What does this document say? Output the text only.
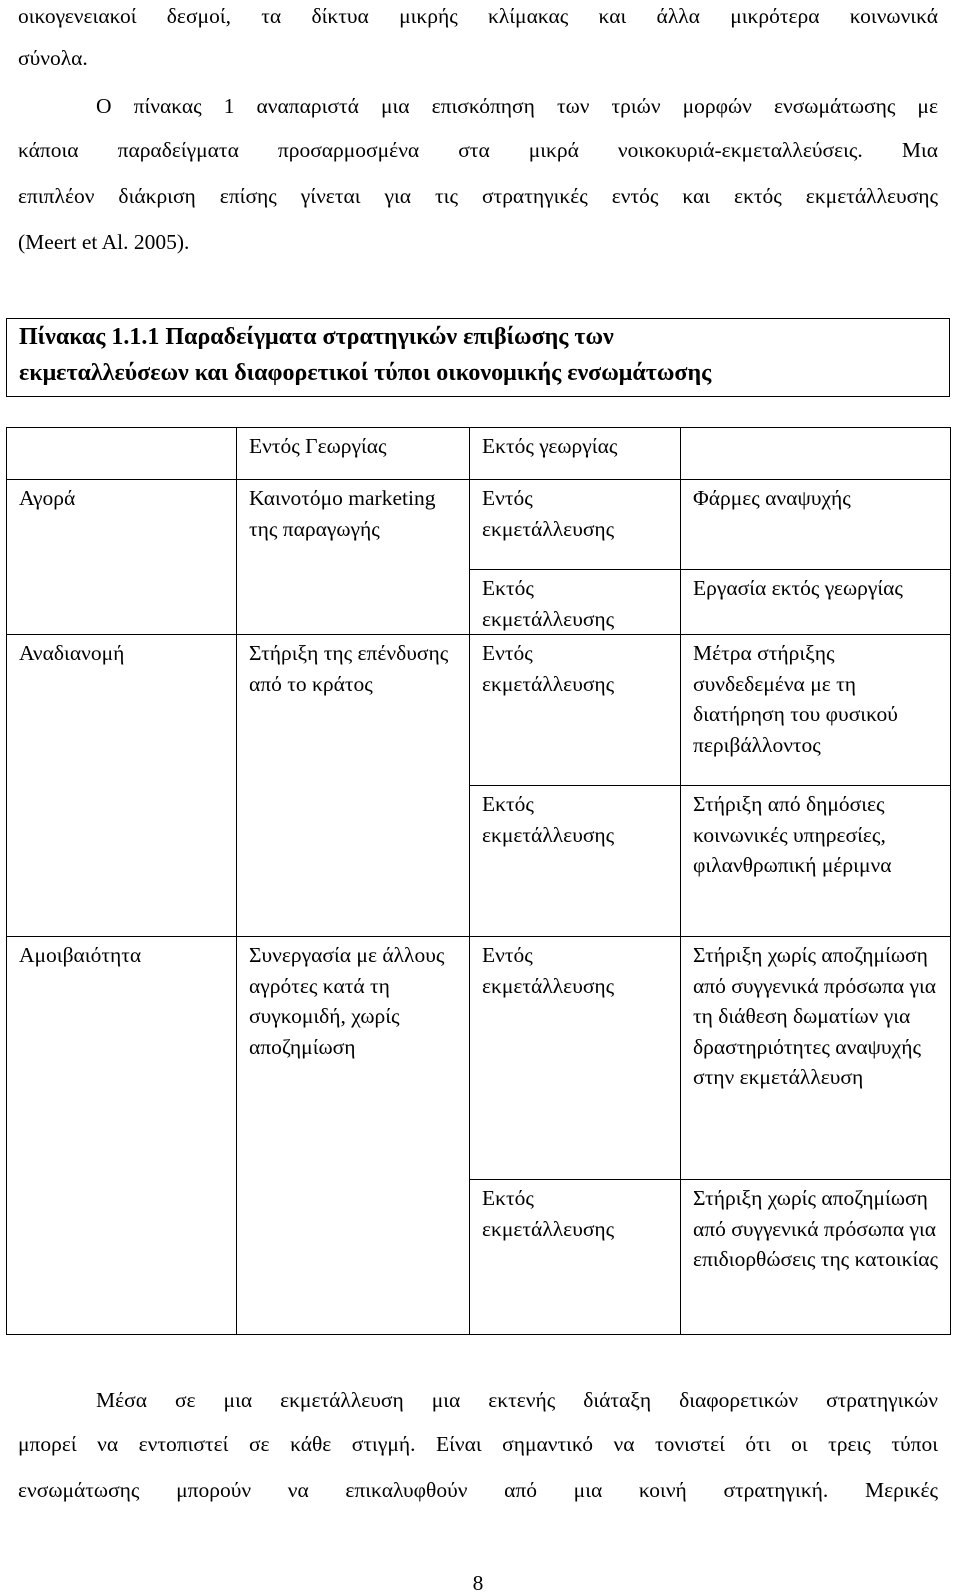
οικογενειακοί δεσμοί, τα δίκτυα μικρής κλίμακας και άλλα μικρότερα κοινωνικά
σύνολα.
Ο πίνακας 1 αναπαριστά μια επισκόπηση των τριών μορφών ενσωμάτωσης με
κάποια παραδείγματα προσαρμοσμένα στα μικρά νοικοκυριά-εκμεταλλεύσεις. Μια
επιπλέον διάκριση επίσης γίνεται για τις στρατηγικές εντός και εκτός εκμετάλλευσης
(Meert et Al. 2005).
Πίνακας 1.1.1 Παραδείγματα στρατηγικών επιβίωσης των
εκμεταλλεύσεων και διαφορετικοί τύποι οικονομικής ενσωμάτωσης
	Εντός Γεωργίας	Εκτός γεωργίας	
Αγορά	Καινοτόμο marketing της παραγωγής	Εντός εκμετάλλευσης	Φάρμες αναψυχής
		Εκτός εκμετάλλευσης	Εργασία εκτός γεωργίας
Αναδιανομή	Στήριξη της επένδυσης από το κράτος	Εντός εκμετάλλευσης	Μέτρα στήριξης συνδεδεμένα με τη διατήρηση του φυσικού περιβάλλοντος
		Εκτός εκμετάλλευσης	Στήριξη από δημόσιες κοινωνικές υπηρεσίες, φιλανθρωπική μέριμνα
Αμοιβαιότητα	Συνεργασία με άλλους αγρότες κατά τη συγκομιδή, χωρίς αποζημίωση	Εντός εκμετάλλευσης	Στήριξη χωρίς αποζημίωση από συγγενικά πρόσωπα για τη διάθεση δωματίων για δραστηριότητες αναψυχής στην εκμετάλλευση
		Εκτός εκμετάλλευσης	Στήριξη χωρίς αποζημίωση από συγγενικά πρόσωπα για επιδιορθώσεις της κατοικίας
Μέσα σε μια εκμετάλλευση μια εκτενής διάταξη διαφορετικών στρατηγικών
μπορεί να εντοπιστεί σε κάθε στιγμή. Είναι σημαντικό να τονιστεί ότι οι τρεις τύποι
ενσωμάτωσης μπορούν να επικαλυφθούν από μια κοινή στρατηγική. Μερικές
8
